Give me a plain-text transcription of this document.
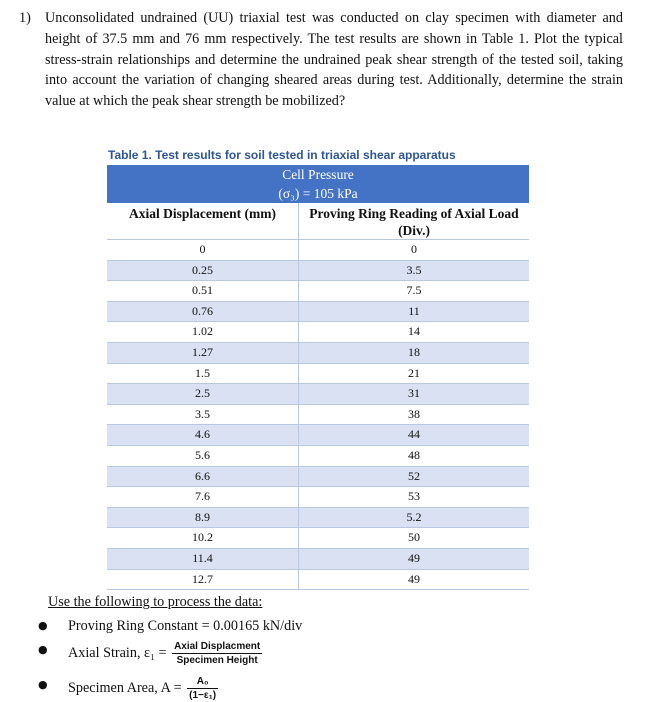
1) Unconsolidated undrained (UU) triaxial test was conducted on clay specimen with diameter and height of 37.5 mm and 76 mm respectively. The test results are shown in Table 1. Plot the typical stress-strain relationships and determine the undrained peak shear strength of the tested soil, taking into account the variation of changing sheared areas during test. Additionally, determine the strain value at which the peak shear strength be mobilized?
Table 1. Test results for soil tested in triaxial shear apparatus
Cell Pressure	
(σ₃) = 105 kPa	
Axial Displacement (mm)	Proving Ring Reading of Axial Load (Div.)
0	0
0.25	3.5
0.51	7.5
0.76	11
1.02	14
1.27	18
1.5	21
2.5	31
3.5	38
4.6	44
5.6	48
6.6	52
7.6	53
8.9	5.2
10.2	50
11.4	49
12.7	49
Use the following to process the data:
● Proving Ring Constant = 0.00165 kN/div
● Axial Strain, $\varepsilon_1 = \frac{\text{Axial Displacment}}{\text{Specimen Height}}$
● Specimen Area, $A = \frac{\text{A₀}}{\text{(1−ε₁)}}$
